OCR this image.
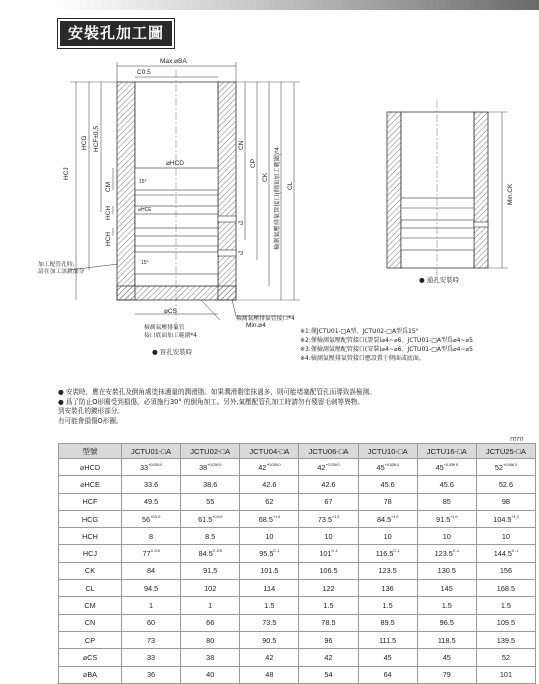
安裝孔加工圖
Max.⌀BA
C0.5
HCJ
HCG HCF±0.5
CM
⌀HCD
HCH
HCH
CN
CP
CK
CL
15°
15°
⌀HCE
*3
*3
⌀CS
Min.⌀4
檢測氣壓排氣管接口(側面加工範圍)*4
加工配管孔時, 請在加工該鍍部分
檢測氣壓排氣管 接口底面加工範圍*4
檢測氣壓排氣管接口*4
● 盲孔安裝時
Min.CK
● 通孔安裝時
※1:僅JCTU01-□A型、JCTU02-□A型爲15°
※2:僅檢測氣壓配管接口(證裂)⌀4~⌀6、JCTU01-□A型爲⌀4~⌀5
※3:僅檢測氣壓配管接口(安裝)⌀4~⌀6、JCTU01-□A型爲⌀4~⌀5
※4:檢測氣壓排氣管接口應設置于側面或底面。
● 安裝時，應在安裝孔及倒角處塗抹適量的潤滑脂。如果潤滑脂塗抹過多，則可能堵塞配管孔而導致誤檢測。
● 爲了防止O形圈受到損傷，必須施行30° 的倒角加工。另外,氣壓配管孔加工時請勿有殘留毛刺等異物。
到安裝孔的鍍形部分。
有可能會損傷O形圈。
mm
型號	JCTU01-□A	JCTU02-□A	JCTU04-□A	JCTU06-□A	JCTU10-□A	JCTU16-□A	JCTU25-□A
⌀HCD	$33^{+0.039 0}$	$38^{+0.039 0}$	$42^{+0.039 0}$	$42^{+0.039 0}$	$45^{+0.039 0}$	$45^{+0.039 0}$	$52^{+0.046 0}$
⌀HCE	33.6	38.6	42.6	42.6	45.6	45.6	52.6
HCF	49.5	55	62	67	78	85	98
HCG	$56^{+0.5 0}$	$61.5^{+0.5 0}$	$68.5^{+1 0}$	$73.5^{+1 0}$	$84.5^{+1 0}$	$91.5^{+1 0}$	$104.5^{+1 0}$
HCH	8	8.5	10	10	10	10	10
HCJ	$77^{0 -0.5}$	$84.5^{0 -0.5}$	95.5$^{0 -1}$	101$^{0 -1}$	116.5$^{0 -1}$	123.5$^{0 -1}$	144.5$^{0 -1}$
CK	84	91.5	101.5	106.5	123.5	130.5	156
CL	94.5	102	114	122	136	145	168.5
CM	1	1	1.5	1.5	1.5	1.5	1.5
CN	60	66	73.5	78.5	89.5	96.5	109.5
CP	73	80	90.5	96	111.5	118.5	139.5
⌀CS	33	38	42	42	45	45	52
⌀BA	36	40	48	54	64	79	101
